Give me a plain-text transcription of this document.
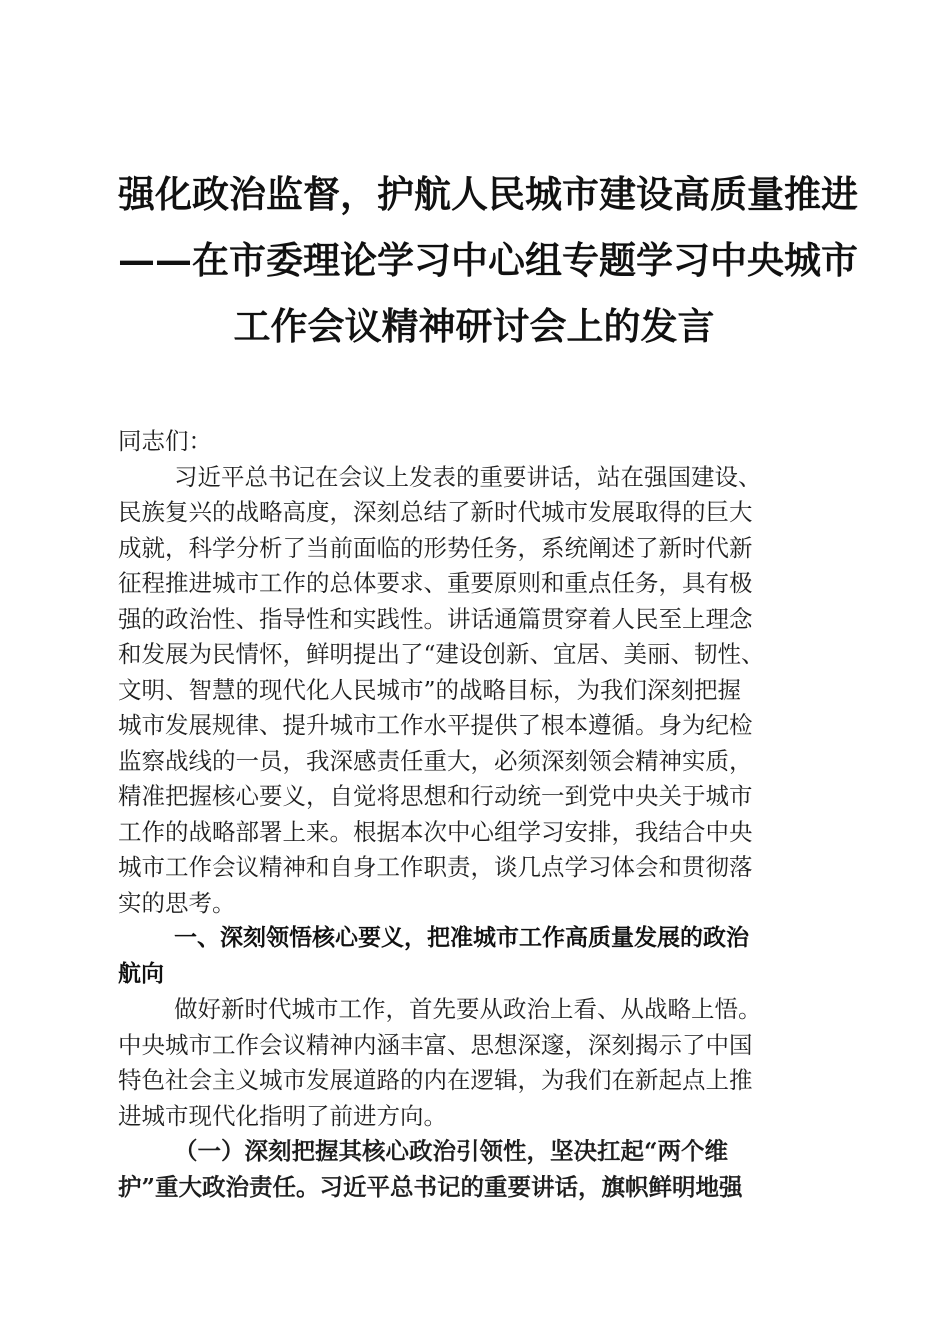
强化政治监督，护航人民城市建设高质量推进
——在市委理论学习中心组专题学习中央城市
工作会议精神研讨会上的发言
同志们：
习近平总书记在会议上发表的重要讲话，站在强国建设、
民族复兴的战略高度，深刻总结了新时代城市发展取得的巨大
成就，科学分析了当前面临的形势任务，系统阐述了新时代新
征程推进城市工作的总体要求、重要原则和重点任务，具有极
强的政治性、指导性和实践性。讲话通篇贯穿着人民至上理念
和发展为民情怀，鲜明提出了“建设创新、宜居、美丽、韧性、
文明、智慧的现代化人民城市”的战略目标，为我们深刻把握
城市发展规律、提升城市工作水平提供了根本遵循。身为纪检
监察战线的一员，我深感责任重大，必须深刻领会精神实质，
精准把握核心要义，自觉将思想和行动统一到党中央关于城市
工作的战略部署上来。根据本次中心组学习安排，我结合中央
城市工作会议精神和自身工作职责，谈几点学习体会和贯彻落
实的思考。
一、深刻领悟核心要义，把准城市工作高质量发展的政治
航向
做好新时代城市工作，首先要从政治上看、从战略上悟。
中央城市工作会议精神内涵丰富、思想深邃，深刻揭示了中国
特色社会主义城市发展道路的内在逻辑，为我们在新起点上推
进城市现代化指明了前进方向。
（一）深刻把握其核心政治引领性，坚决扛起“两个维
护”重大政治责任。习近平总书记的重要讲话，旗帜鲜明地强
